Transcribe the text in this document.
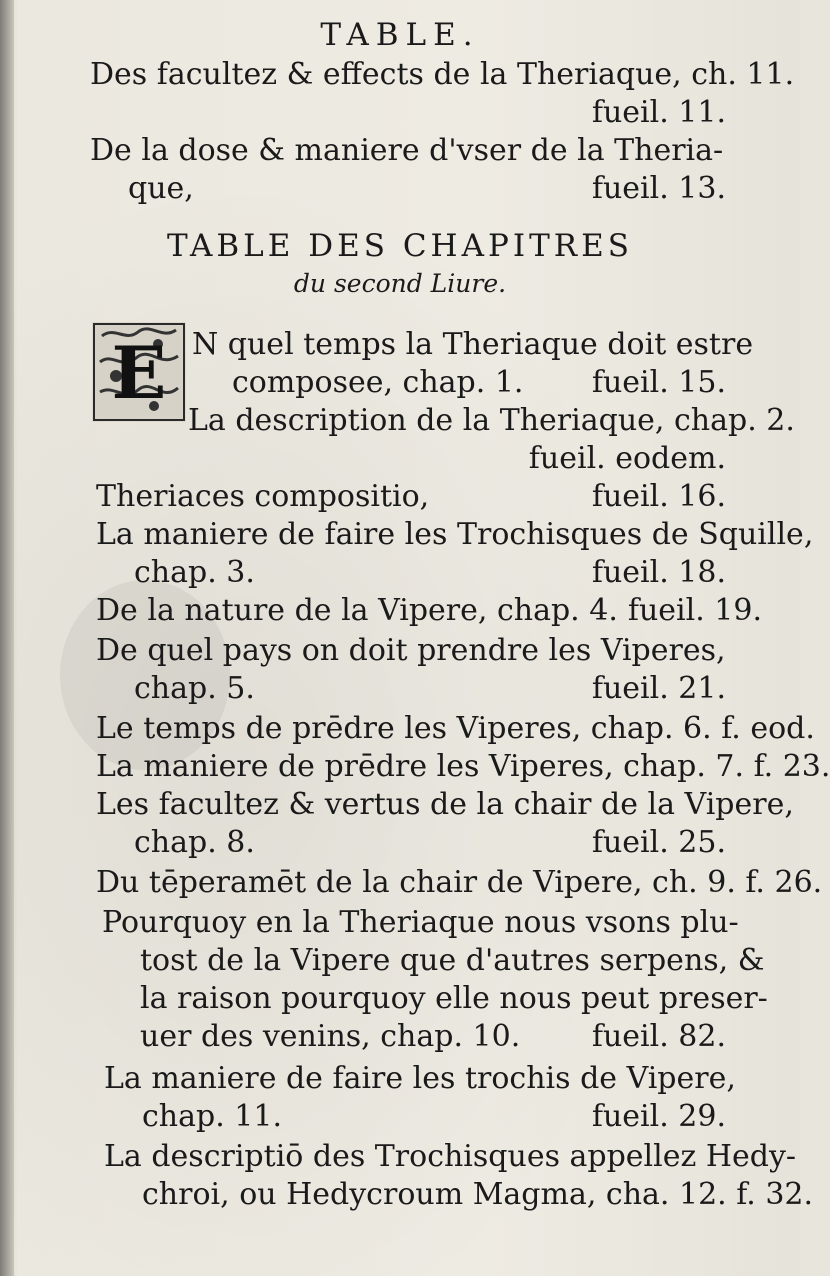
TABLE.
Des facultez & effects de la Theriaque, ch. 11.
fueil. 11.
De la dose & maniere d'vser de la Theria-
que,	fueil. 13.
TABLE DES CHAPITRES
du second Liure.
E N quel temps la Theriaque doit estre
composee, chap. 1.	fueil. 15.
La description de la Theriaque, chap. 2.
fueil. eodem.
Theriaces compositio,	fueil. 16.
La maniere de faire les Trochisques de Squille,
chap. 3.	fueil. 18.
De la nature de la Vipere, chap. 4. fueil. 19.
De quel pays on doit prendre les Viperes,
chap. 5.	fueil. 21.
Le temps de prēdre les Viperes, chap. 6. f. eod.
La maniere de prēdre les Viperes, chap. 7. f. 23.
Les facultez & vertus de la chair de la Vipere,
chap. 8.	fueil. 25.
Du tēperamēt de la chair de Vipere, ch. 9. f. 26.
Pourquoy en la Theriaque nous vsons plu-
tost de la Vipere que d'autres serpens, &
la raison pourquoy elle nous peut preser-
uer des venins, chap. 10.	fueil. 82.
La maniere de faire les trochis de Vipere,
chap. 11.	fueil. 29.
La descriptiō des Trochisques appellez Hedy-
chroi, ou Hedycroum Magma, cha. 12. f. 32.
